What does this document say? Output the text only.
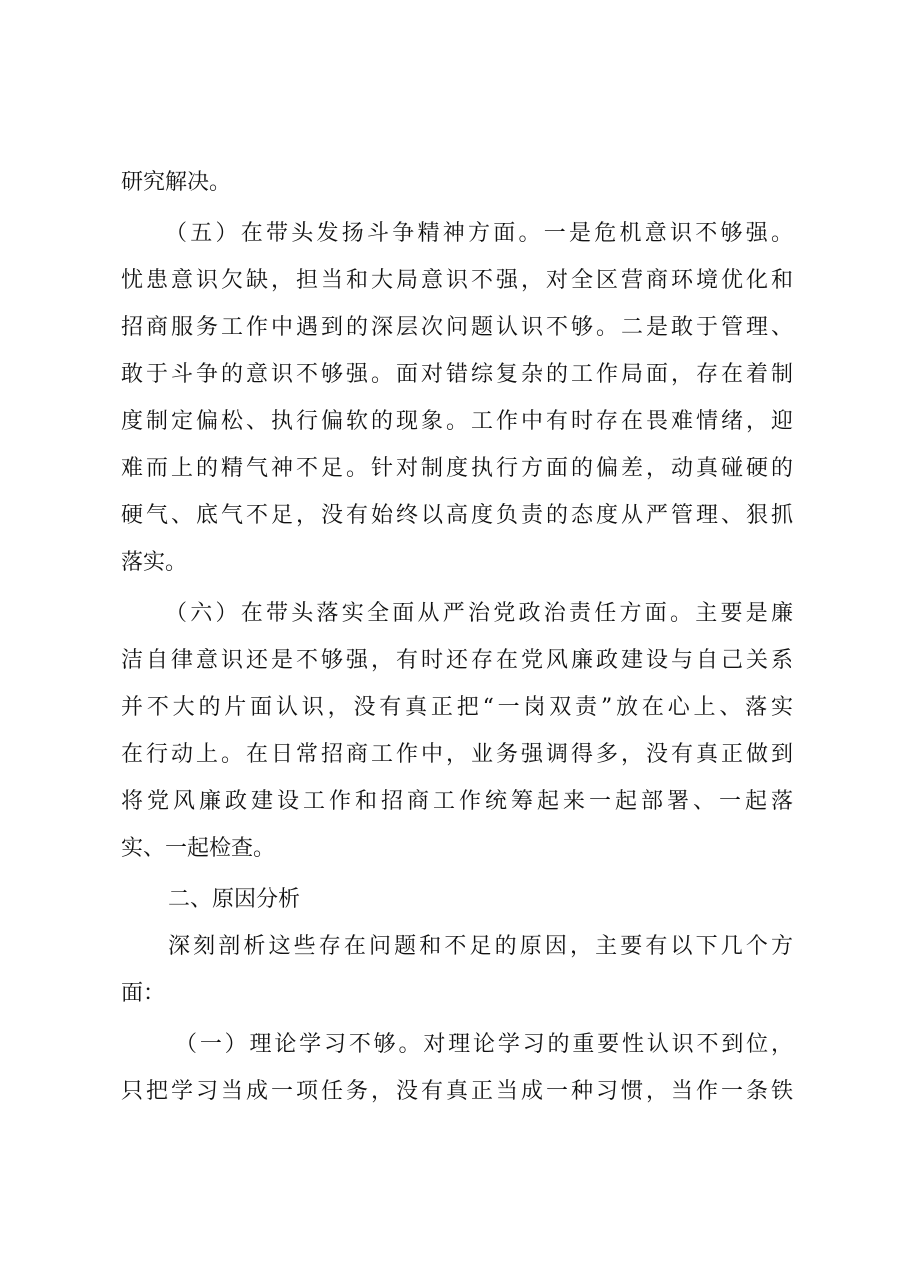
研究解决。
（五）在带头发扬斗争精神方面。一是危机意识不够强。
忧患意识欠缺，担当和大局意识不强，对全区营商环境优化和
招商服务工作中遇到的深层次问题认识不够。二是敢于管理、
敢于斗争的意识不够强。面对错综复杂的工作局面，存在着制
度制定偏松、执行偏软的现象。工作中有时存在畏难情绪，迎
难而上的精气神不足。针对制度执行方面的偏差，动真碰硬的
硬气、底气不足，没有始终以高度负责的态度从严管理、狠抓
落实。
（六）在带头落实全面从严治党政治责任方面。主要是廉
洁自律意识还是不够强，有时还存在党风廉政建设与自己关系
并不大的片面认识，没有真正把“一岗双责”放在心上、落实
在行动上。在日常招商工作中，业务强调得多，没有真正做到
将党风廉政建设工作和招商工作统筹起来一起部署、一起落
实、一起检查。
二、原因分析
深刻剖析这些存在问题和不足的原因，主要有以下几个方
面：
（一）理论学习不够。对理论学习的重要性认识不到位，
只把学习当成一项任务，没有真正当成一种习惯，当作一条铁
